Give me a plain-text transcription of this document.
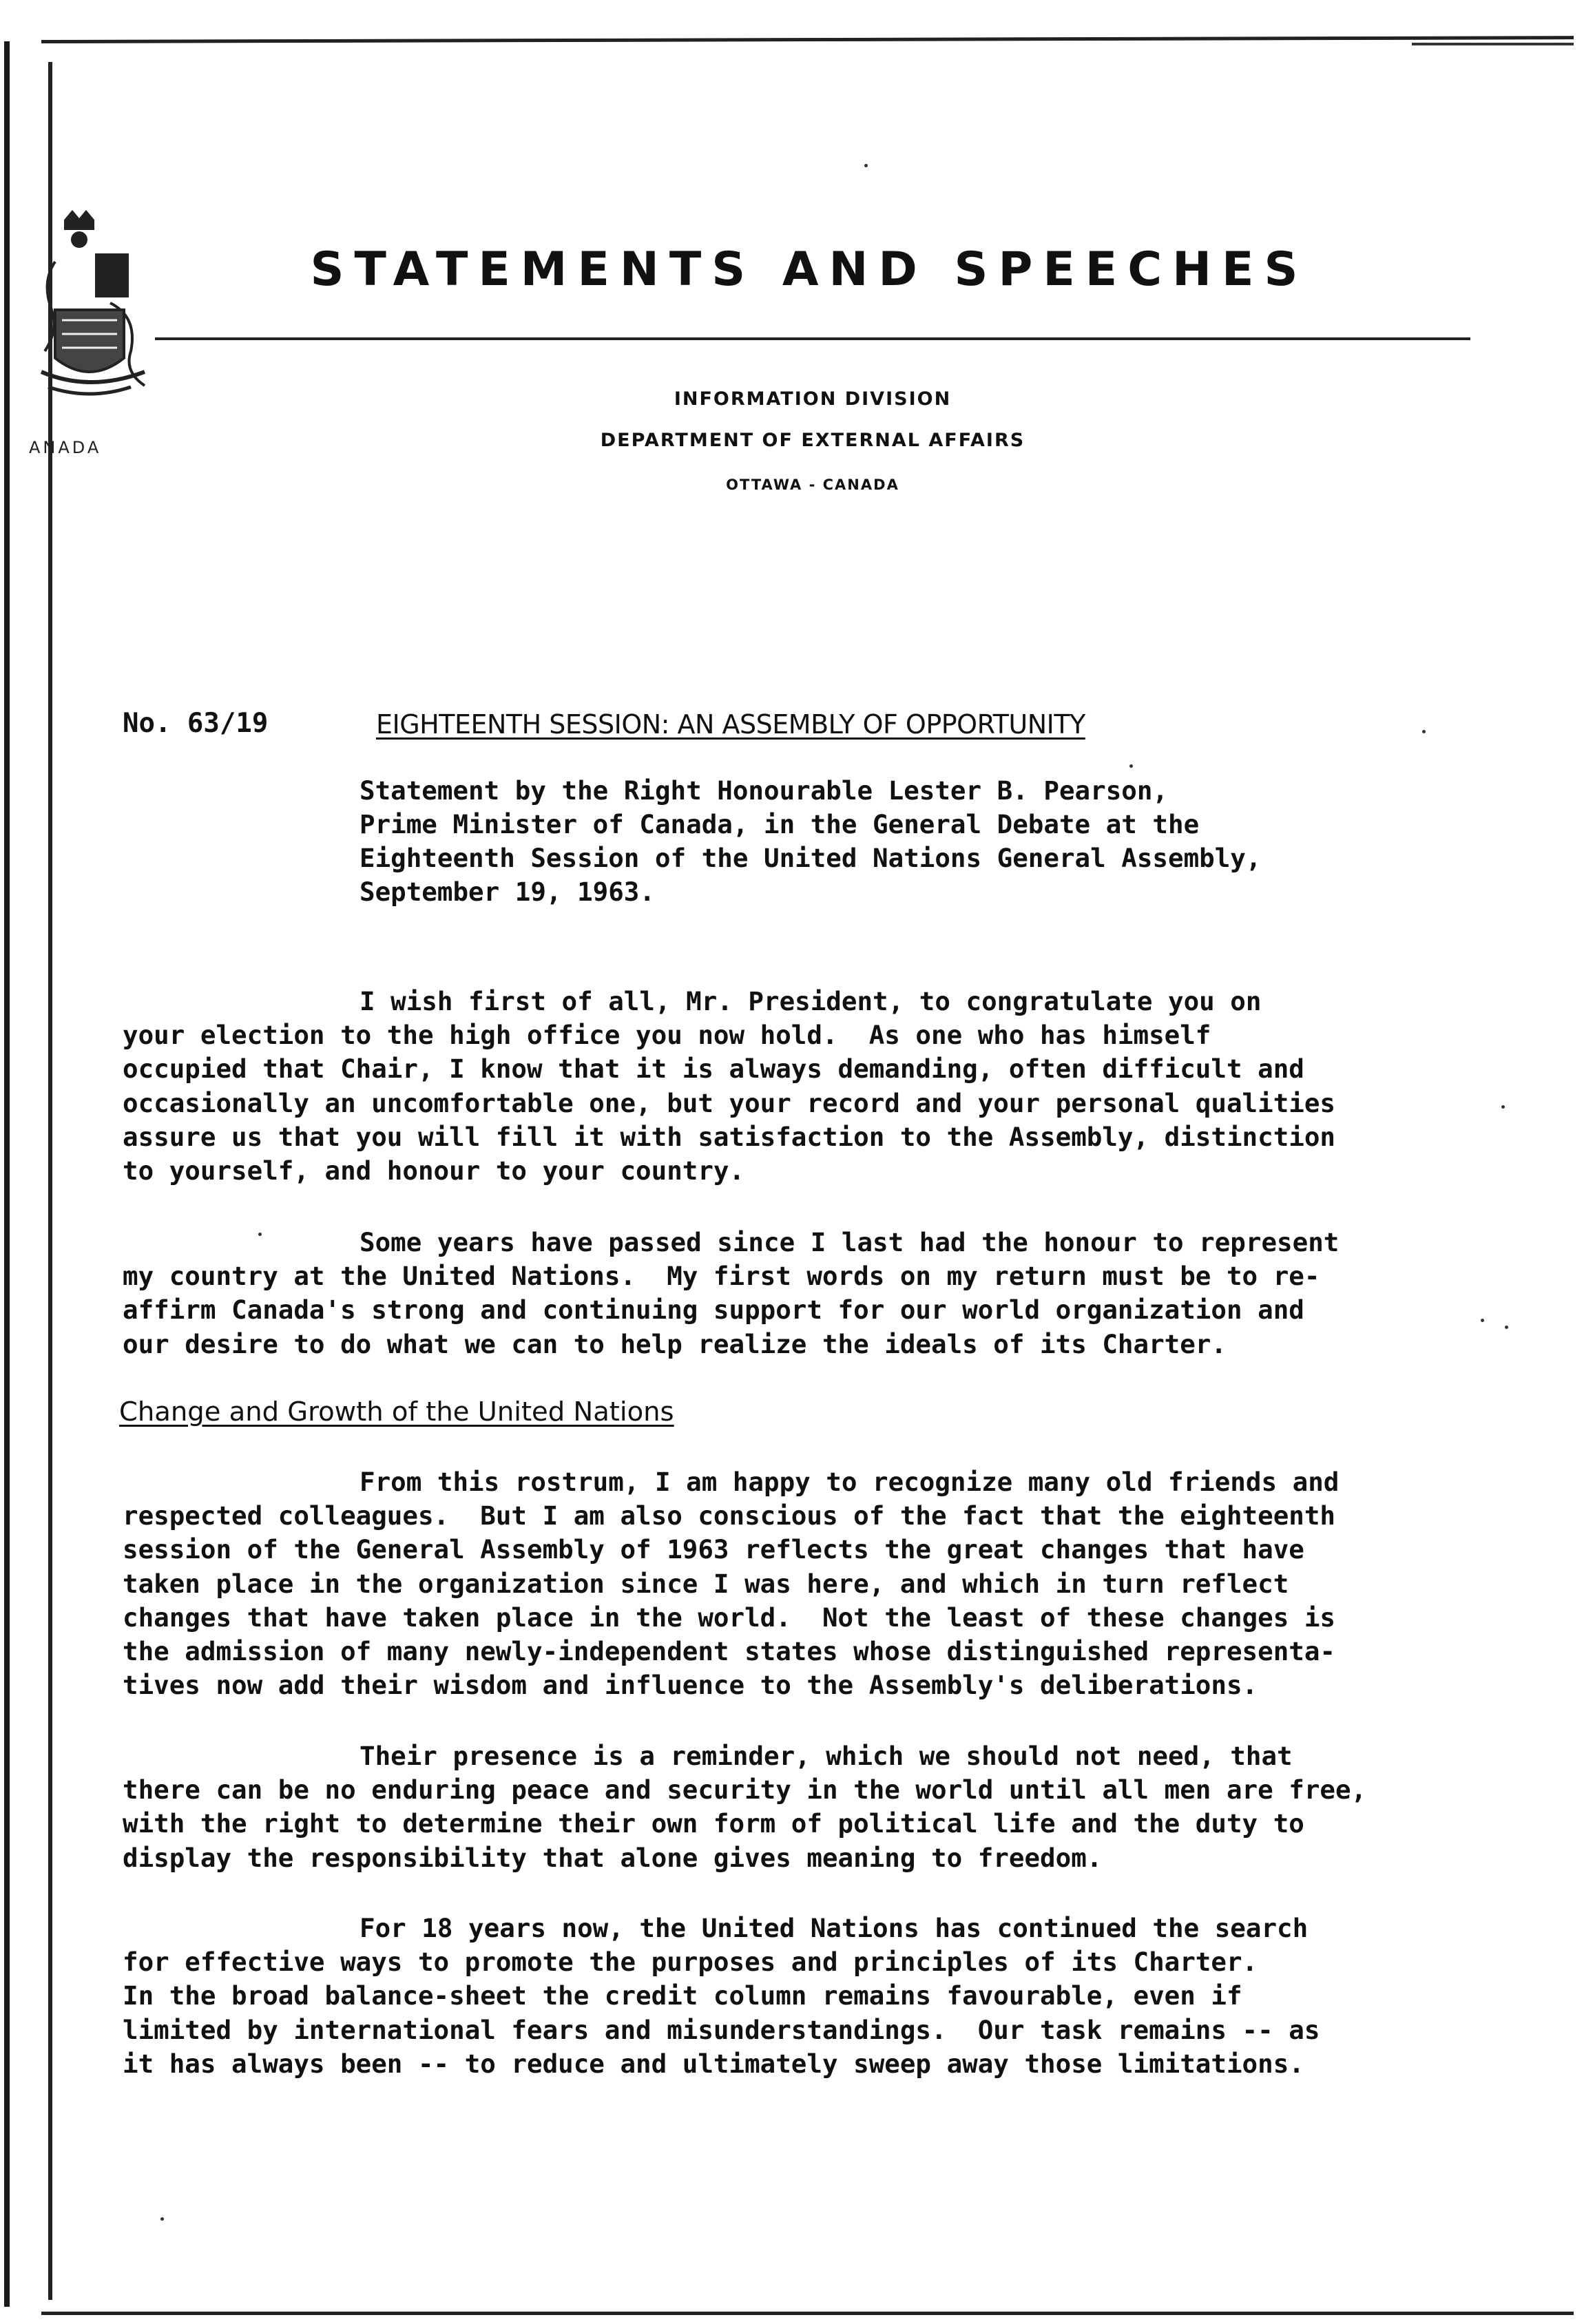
ANADA
STATEMENTS AND SPEECHES
INFORMATION DIVISION
DEPARTMENT OF EXTERNAL AFFAIRS
OTTAWA - CANADA
No. 63/19	EIGHTEENTH SESSION: AN ASSEMBLY OF OPPORTUNITY
Statement by the Right Honourable Lester B. Pearson,
Prime Minister of Canada, in the General Debate at the
Eighteenth Session of the United Nations General Assembly,
September 19, 1963.
I wish first of all, Mr. President, to congratulate you on
your election to the high office you now hold.  As one who has himself
occupied that Chair, I know that it is always demanding, often difficult and
occasionally an uncomfortable one, but your record and your personal qualities
assure us that you will fill it with satisfaction to the Assembly, distinction
to yourself, and honour to your country.
Some years have passed since I last had the honour to represent
my country at the United Nations.  My first words on my return must be to re-
affirm Canada's strong and continuing support for our world organization and
our desire to do what we can to help realize the ideals of its Charter.
Change and Growth of the United Nations
From this rostrum, I am happy to recognize many old friends and
respected colleagues.  But I am also conscious of the fact that the eighteenth
session of the General Assembly of 1963 reflects the great changes that have
taken place in the organization since I was here, and which in turn reflect
changes that have taken place in the world.  Not the least of these changes is
the admission of many newly-independent states whose distinguished representa-
tives now add their wisdom and influence to the Assembly's deliberations.
Their presence is a reminder, which we should not need, that
there can be no enduring peace and security in the world until all men are free,
with the right to determine their own form of political life and the duty to
display the responsibility that alone gives meaning to freedom.
For 18 years now, the United Nations has continued the search
for effective ways to promote the purposes and principles of its Charter.
In the broad balance-sheet the credit column remains favourable, even if
limited by international fears and misunderstandings.  Our task remains -- as
it has always been -- to reduce and ultimately sweep away those limitations.
